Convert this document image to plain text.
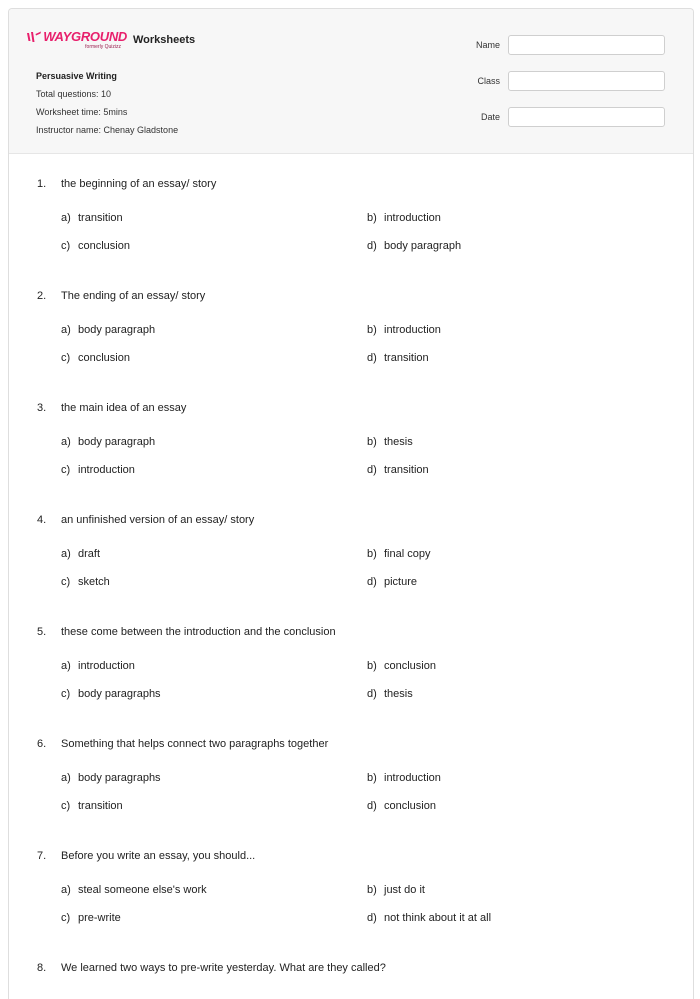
WAYGROUND
formerly Quizizz
Worksheets
Persuasive Writing
Total questions: 10
Worksheet time: 5mins
Instructor name: Chenay Gladstone
Name
Class
Date
1. the beginning of an essay/ story
a) transition	b) introduction
c) conclusion	d) body paragraph
2. The ending of an essay/ story
a) body paragraph	b) introduction
c) conclusion	d) transition
3. the main idea of an essay
a) body paragraph	b) thesis
c) introduction	d) transition
4. an unfinished version of an essay/ story
a) draft	b) final copy
c) sketch	d) picture
5. these come between the introduction and the conclusion
a) introduction	b) conclusion
c) body paragraphs	d) thesis
6. Something that helps connect two paragraphs together
a) body paragraphs	b) introduction
c) transition	d) conclusion
7. Before you write an essay, you should...
a) steal someone else's work	b) just do it
c) pre-write	d) not think about it at all
8. We learned two ways to pre-write yesterday. What are they called?
